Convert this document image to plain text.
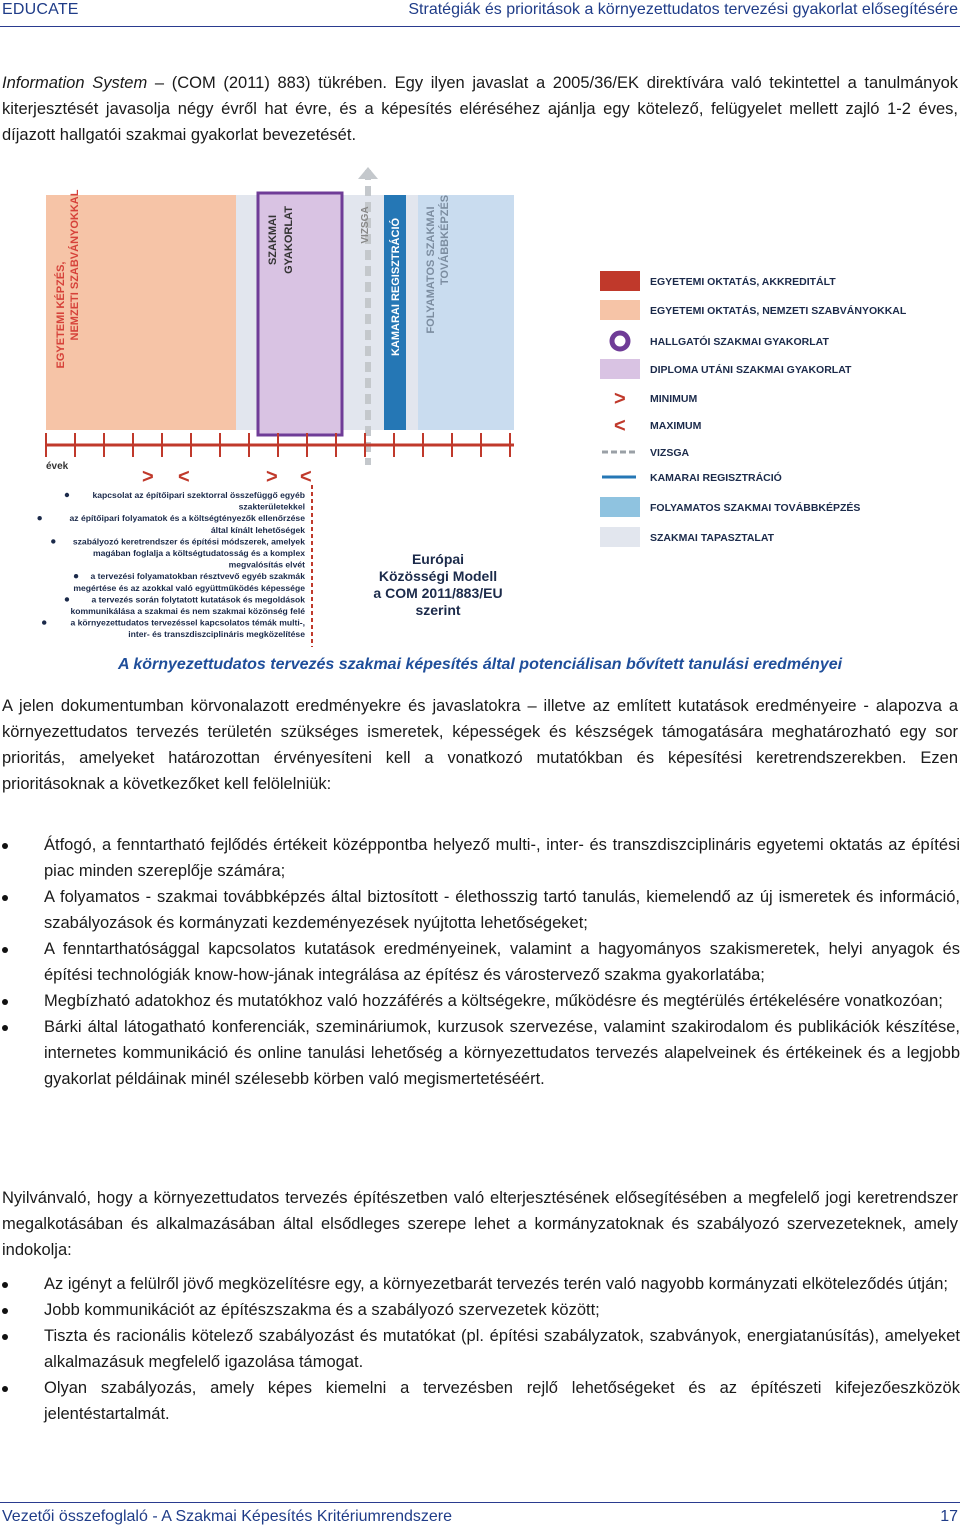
EDUCATE	Stratégiák és prioritások a környezettudatos tervezési gyakorlat elősegítésére
Information System – (COM (2011) 883) tükrében. Egy ilyen javaslat a 2005/36/EK direktívára való tekintettel a tanulmányok kiterjesztését javasolja négy évről hat évre, és a képesítés eléréséhez ajánlja egy kötelező, felügyelet mellett zajló 1-2 éves, díjazott hallgatói szakmai gyakorlat bevezetését.
EGYETEMI KÉPZÉS, NEMZETI SZABVÁNYOKKAL	SZAKMAI GYAKORLAT	VIZSGA KAMARAI REGISZTRÁCIÓ FOLYAMATOS SZAKMAI TOVÁBBKÉPZÉS
évek	> <	> <
kapcsolat az építőipari szektorral összefüggő egyéb
szakterületekkel
az építőipari folyamatok és a költségtényezők ellenőrzése
által kínált lehetőségek
szabályozó keretrendszer és építési módszerek, amelyek
magában foglalja a költségtudatosság és a komplex
megvalósítás elvét
a tervezési folyamatokban résztvevő egyéb szakmák
megértése és az azokkal való együttműködés képessége
a tervezés során folytatott kutatások és megoldások
kommunikálása a szakmai és nem szakmai közönség felé
a környezettudatos tervezéssel kapcsolatos témák multi-,
inter- és transzdiszciplináris megközelítése
Európai
Közösségi Modell
a COM 2011/883/EU
szerint
EGYETEMI OKTATÁS, AKKREDITÁLT
EGYETEMI OKTATÁS, NEMZETI SZABVÁNYOKKAL
HALLGATÓI SZAKMAI GYAKORLAT
DIPLOMA UTÁNI SZAKMAI GYAKORLAT
> MINIMUM
< MAXIMUM
VIZSGA
KAMARAI REGISZTRÁCIÓ
FOLYAMATOS SZAKMAI TOVÁBBKÉPZÉS
SZAKMAI TAPASZTALAT
A környezettudatos tervezés szakmai képesítés által potenciálisan bővített tanulási eredményei
A jelen dokumentumban körvonalazott eredményekre és javaslatokra – illetve az említett kutatások eredményeire - alapozva a környezettudatos tervezés területén szükséges ismeretek, képességek és készségek támogatására meghatározható egy sor prioritás, amelyeket határozottan érvényesíteni kell a vonatkozó mutatókban és képesítési keretrendszerekben. Ezen prioritásoknak a következőket kell felölelniük:
Átfogó, a fenntartható fejlődés értékeit középpontba helyező multi-, inter- és transzdiszciplináris egyetemi oktatás az építési piac minden szereplője számára;
A folyamatos - szakmai továbbképzés által biztosított - élethosszig tartó tanulás, kiemelendő az új ismeretek és információ, szabályozások és kormányzati kezdeményezések nyújtotta lehetőségeket;
A fenntarthatósággal kapcsolatos kutatások eredményeinek, valamint a hagyományos szakismeretek, helyi anyagok és építési technológiák know-how-jának integrálása az építész és várostervező szakma gyakorlatába;
Megbízható adatokhoz és mutatókhoz való hozzáférés a költségekre, működésre és megtérülés értékelésére vonatkozóan;
Bárki által látogatható konferenciák, szemináriumok, kurzusok szervezése, valamint szakirodalom és publikációk készítése, internetes kommunikáció és online tanulási lehetőség a környezettudatos tervezés alapelveinek és értékeinek és a legjobb gyakorlat példáinak minél szélesebb körben való megismertetéséért.
Nyilvánvaló, hogy a környezettudatos tervezés építészetben való elterjesztésének elősegítésében a megfelelő jogi keretrendszer megalkotásában és alkalmazásában által elsődleges szerepe lehet a kormányzatoknak és szabályozó szervezeteknek, amely indokolja:
Az igényt a felülről jövő megközelítésre egy, a környezetbarát tervezés terén való nagyobb kormányzati elköteleződés útján;
Jobb kommunikációt az építészszakma és a szabályozó szervezetek között;
Tiszta és racionális kötelező szabályozást és mutatókat (pl. építési szabályzatok, szabványok, energiatanúsítás), amelyeket alkalmazásuk megfelelő igazolása támogat.
Olyan szabályozás, amely képes kiemelni a tervezésben rejlő lehetőségeket és az építészeti kifejezőeszközök jelentéstartalmát.
Vezetői összefoglaló - A Szakmai Képesítés Kritériumrendszere	17
